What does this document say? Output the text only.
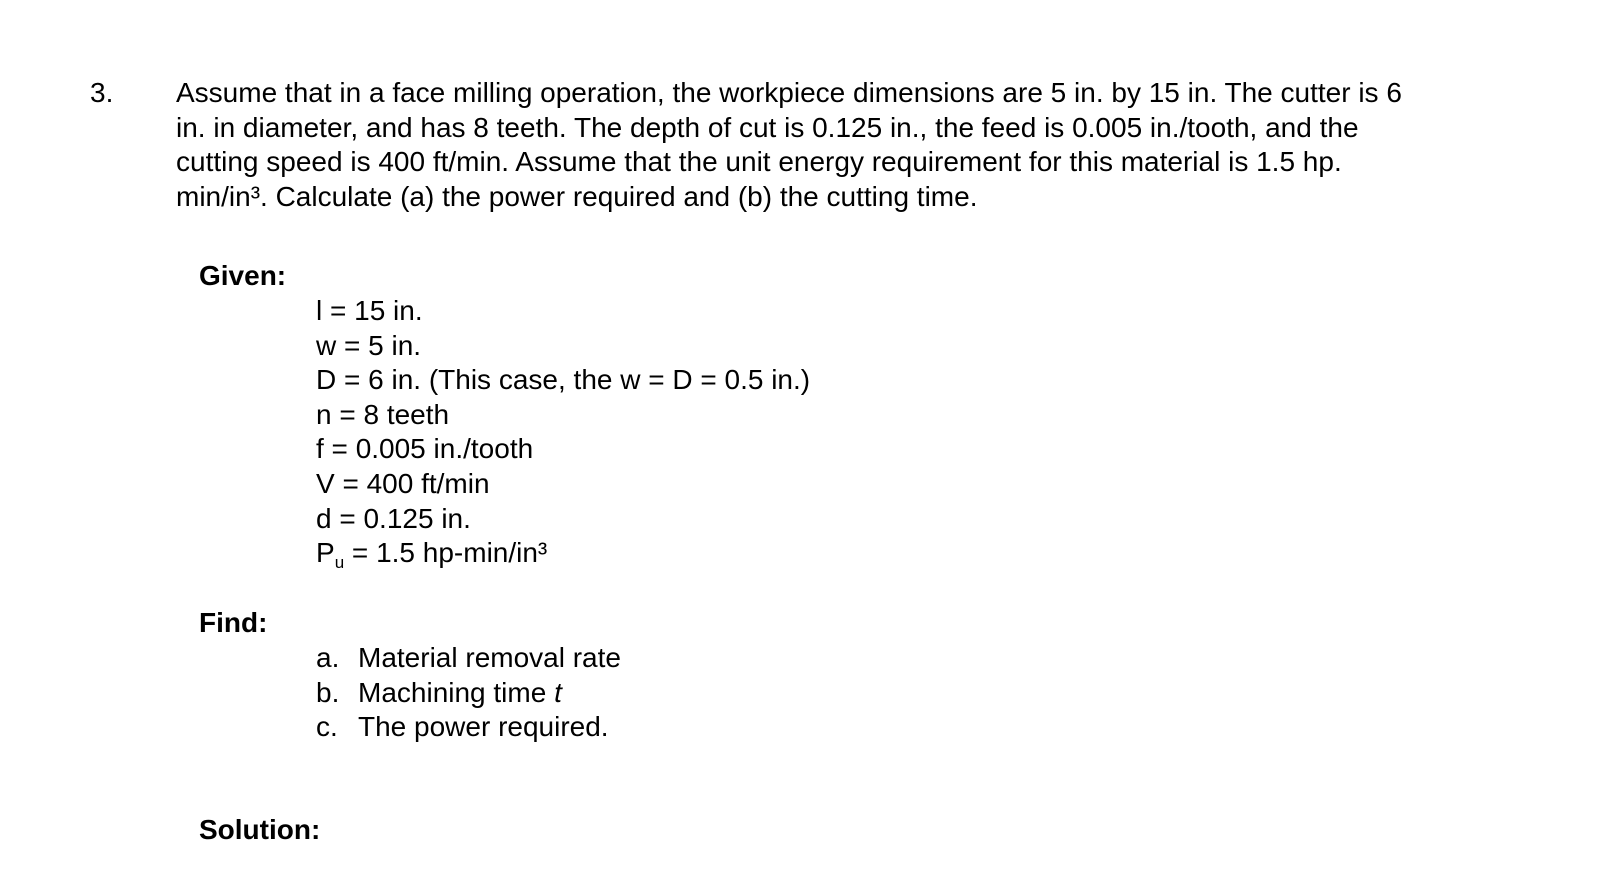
3. Assume that in a face milling operation, the workpiece dimensions are 5 in. by 15 in. The cutter is 6

in. in diameter, and has 8 teeth. The depth of cut is 0.125 in., the feed is 0.005 in./tooth, and the

cutting speed is 400 ft/min. Assume that the unit energy requirement for this material is 1.5 hp.

min/in³. Calculate (a) the power required and (b) the cutting time.

Given:
l = 15 in.
w = 5 in.
D = 6 in. (This case, the w = D = 0.5 in.)
n = 8 teeth
f = 0.005 in./tooth
V = 400 ft/min
d = 0.125 in.
$P_u = 1.5$ hp-min/in³
Find:
a. Material removal rate
b. Machining time t
c. The power required.
Solution:
